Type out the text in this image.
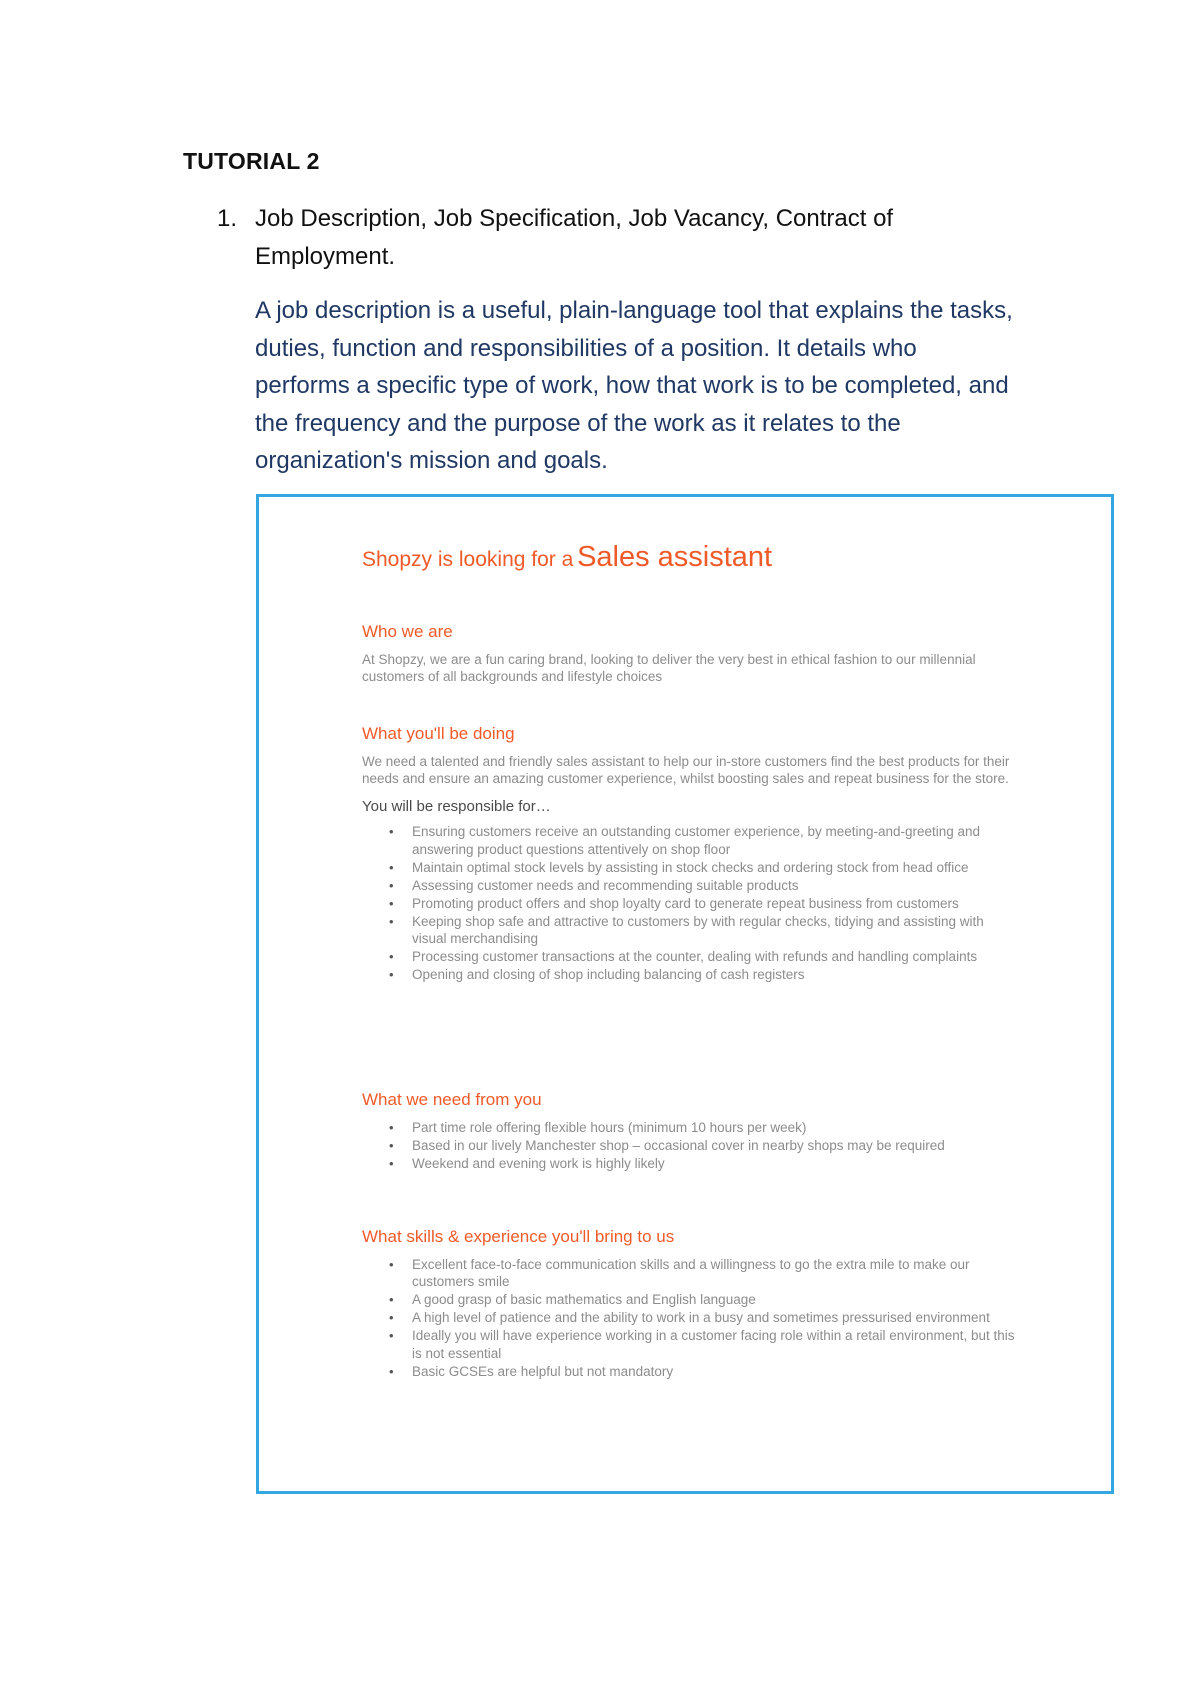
TUTORIAL 2
1. Job Description, Job Specification, Job Vacancy, Contract of Employment.
A job description is a useful, plain-language tool that explains the tasks, duties, function and responsibilities of a position. It details who performs a specific type of work, how that work is to be completed, and the frequency and the purpose of the work as it relates to the organization's mission and goals.
Shopzy is looking for a Sales assistant
Who we are

At Shopzy, we are a fun caring brand, looking to deliver the very best in ethical fashion to our millennial customers of all backgrounds and lifestyle choices

What you'll be doing

We need a talented and friendly sales assistant to help our in-store customers find the best products for their needs and ensure an amazing customer experience, whilst boosting sales and repeat business for the store.

You will be responsible for…
• Ensuring customers receive an outstanding customer experience, by meeting-and-greeting and answering product questions attentively on shop floor
• Maintain optimal stock levels by assisting in stock checks and ordering stock from head office
• Assessing customer needs and recommending suitable products
• Promoting product offers and shop loyalty card to generate repeat business from customers
• Keeping shop safe and attractive to customers by with regular checks, tidying and assisting with visual merchandising
• Processing customer transactions at the counter, dealing with refunds and handling complaints
• Opening and closing of shop including balancing of cash registers
What we need from you
• Part time role offering flexible hours (minimum 10 hours per week)
• Based in our lively Manchester shop – occasional cover in nearby shops may be required
• Weekend and evening work is highly likely
What skills & experience you'll bring to us
• Excellent face-to-face communication skills and a willingness to go the extra mile to make our customers smile
• A good grasp of basic mathematics and English language
• A high level of patience and the ability to work in a busy and sometimes pressurised environment
• Ideally you will have experience working in a customer facing role within a retail environment, but this is not essential
• Basic GCSEs are helpful but not mandatory
